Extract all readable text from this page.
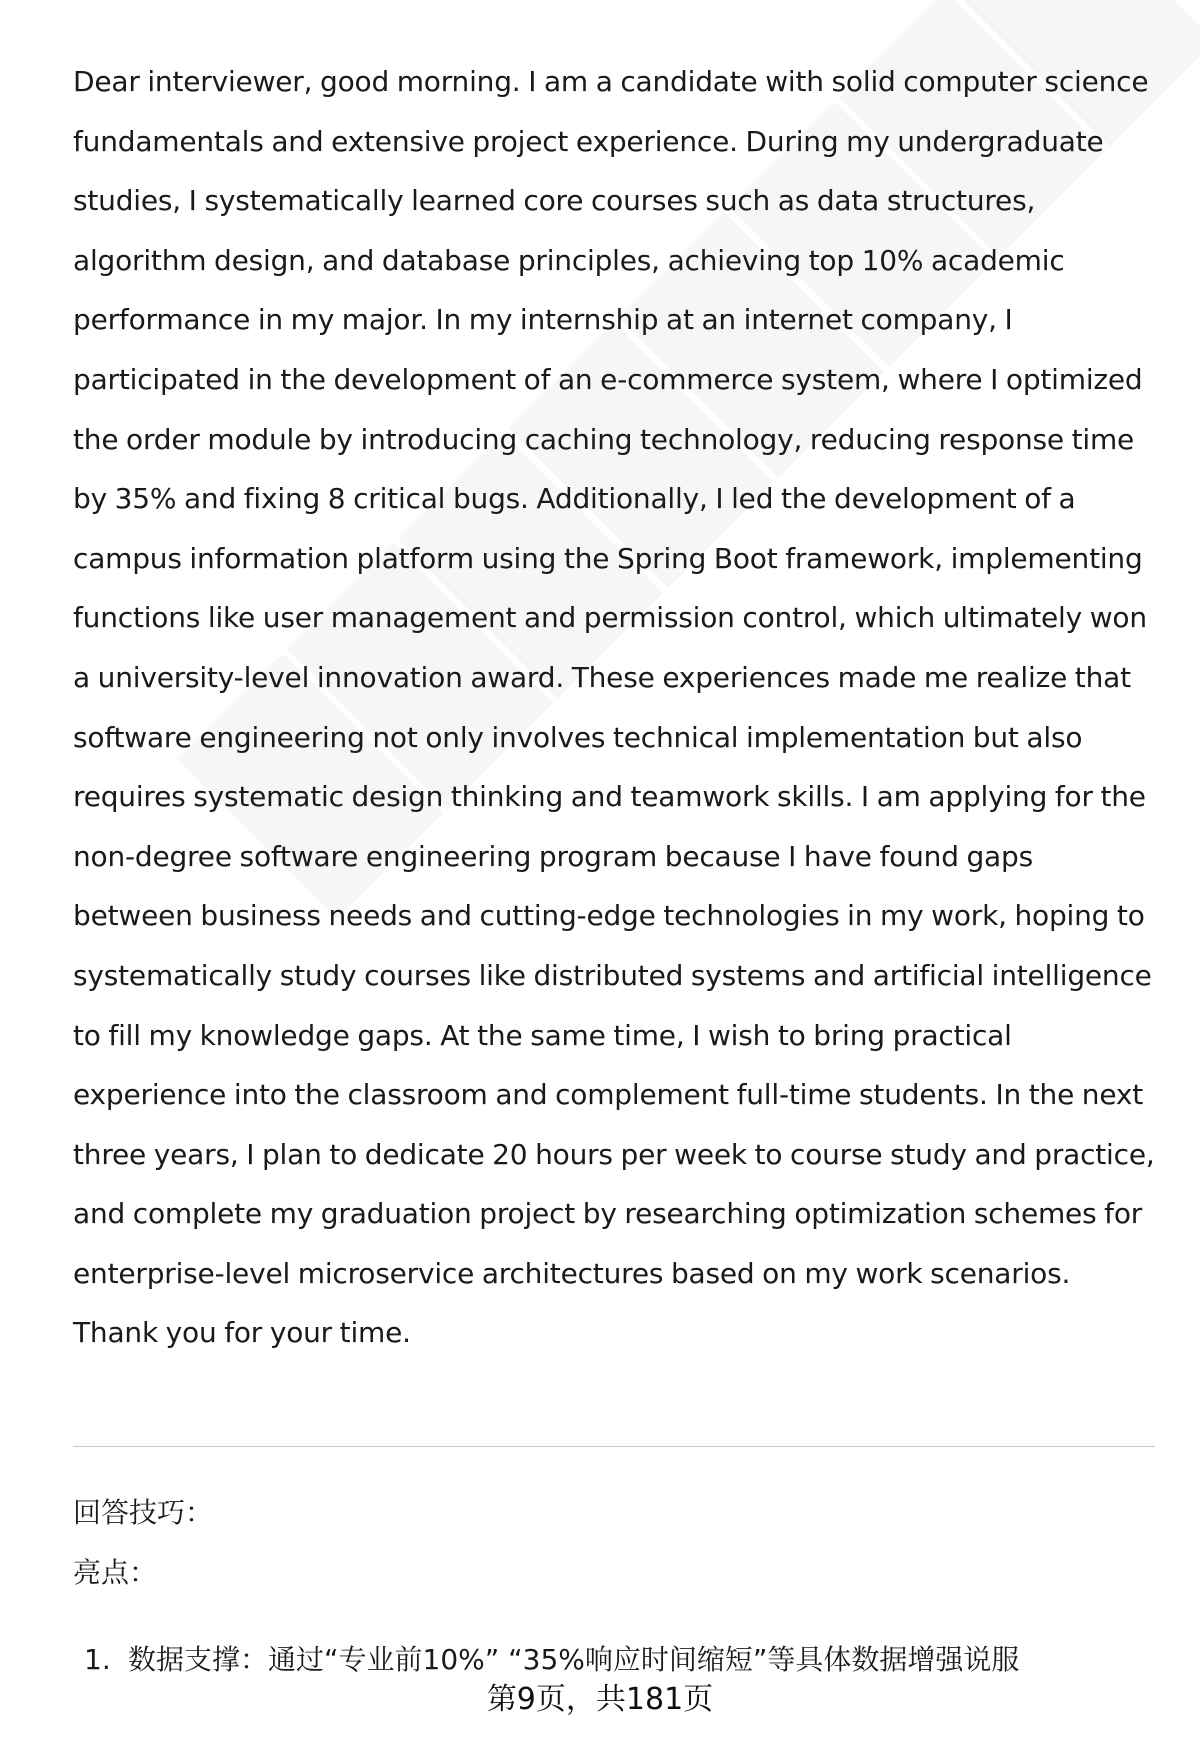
Dear interviewer, good morning. I am a candidate with solid computer science fundamentals and extensive project experience. During my undergraduate studies, I systematically learned core courses such as data structures, algorithm design, and database principles, achieving top 10% academic performance in my major. In my internship at an internet company, I participated in the development of an e-commerce system, where I optimized the order module by introducing caching technology, reducing response time by 35% and fixing 8 critical bugs. Additionally, I led the development of a campus information platform using the Spring Boot framework, implementing functions like user management and permission control, which ultimately won a university-level innovation award. These experiences made me realize that software engineering not only involves technical implementation but also requires systematic design thinking and teamwork skills. I am applying for the non-degree software engineering program because I have found gaps between business needs and cutting-edge technologies in my work, hoping to systematically study courses like distributed systems and artificial intelligence to fill my knowledge gaps. At the same time, I wish to bring practical experience into the classroom and complement full-time students. In the next three years, I plan to dedicate 20 hours per week to course study and practice, and complete my graduation project by researching optimization schemes for enterprise-level microservice architectures based on my work scenarios. Thank you for your time.

回答技巧：

亮点：

1. 数据支撑：通过“专业前10%” “35%响应时间缩短”等具体数据增强说服

第9页，共181页
